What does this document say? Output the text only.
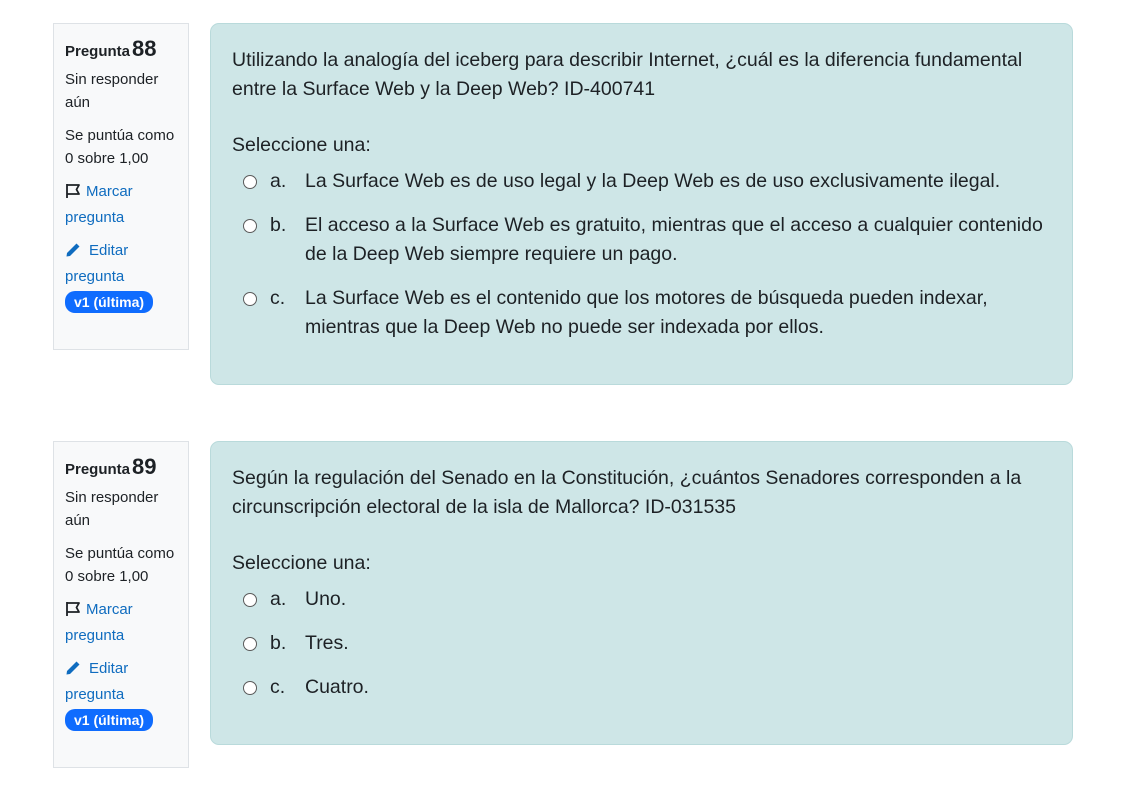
Pregunta88
Sin responder aún
Se puntúa como 0 sobre 1,00
Marcar pregunta
Editar pregunta
v1 (última)

Utilizando la analogía del iceberg para describir Internet, ¿cuál es la diferencia fundamental entre la Surface Web y la Deep Web? ID-400741

Seleccione una:
a. La Surface Web es de uso legal y la Deep Web es de uso exclusivamente ilegal.
b. El acceso a la Surface Web es gratuito, mientras que el acceso a cualquier contenido de la Deep Web siempre requiere un pago.
c.	La Surface Web es el contenido que los motores de búsqueda pueden indexar, mientras que la Deep Web no puede ser indexada por ellos.
Pregunta89
Sin responder aún
Se puntúa como 0 sobre 1,00
Marcar pregunta
Editar pregunta
v1 (última)

Según la regulación del Senado en la Constitución, ¿cuántos Senadores corresponden a la circunscripción electoral de la isla de Mallorca? ID-031535

Seleccione una:
a. Uno.
b. Tres.
c.	Cuatro.
